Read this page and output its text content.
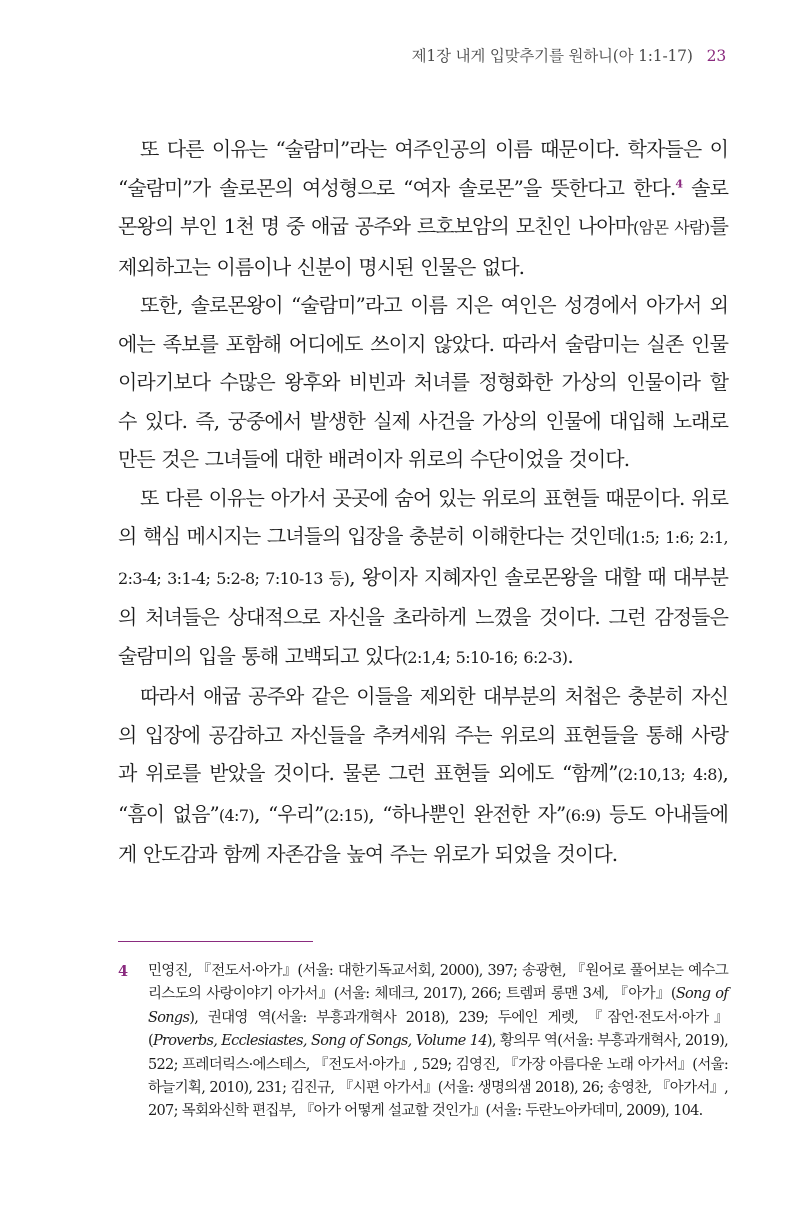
제1장 내게 입맞추기를 원하니(아 1:1-17) 23

또 다른 이유는 “술람미”라는 여주인공의 이름 때문이다. 학자들은 이 “술람미”가 솔로몬의 여성형으로 “여자 솔로몬”을 뜻한다고 한다.$^4$ 솔로몬왕의 부인 1천 명 중 애굽 공주와 르호보암의 모친인 나아마(암몬 사람)를 제외하고는 이름이나 신분이 명시된 인물은 없다.

또한, 솔로몬왕이 “술람미”라고 이름 지은 여인은 성경에서 아가서 외에는 족보를 포함해 어디에도 쓰이지 않았다. 따라서 술람미는 실존 인물이라기보다 수많은 왕후와 비빈과 처녀를 정형화한 가상의 인물이라 할 수 있다. 즉, 궁중에서 발생한 실제 사건을 가상의 인물에 대입해 노래로 만든 것은 그녀들에 대한 배려이자 위로의 수단이었을 것이다.

또 다른 이유는 아가서 곳곳에 숨어 있는 위로의 표현들 때문이다. 위로의 핵심 메시지는 그녀들의 입장을 충분히 이해한다는 것인데(1:5; 1:6; 2:1, 2:3-4; 3:1-4; 5:2-8; 7:10-13 등), 왕이자 지혜자인 솔로몬왕을 대할 때 대부분의 처녀들은 상대적으로 자신을 초라하게 느꼈을 것이다. 그런 감정들은 술람미의 입을 통해 고백되고 있다(2:1,4; 5:10-16; 6:2-3).

따라서 애굽 공주와 같은 이들을 제외한 대부분의 처첩은 충분히 자신의 입장에 공감하고 자신들을 추켜세워 주는 위로의 표현들을 통해 사랑과 위로를 받았을 것이다. 물론 그런 표현들 외에도 “함께”(2:10,13; 4:8), “흠이 없음”(4:7), “우리”(2:15), “하나뿐인 완전한 자”(6:9) 등도 아내들에게 안도감과 함께 자존감을 높여 주는 위로가 되었을 것이다.

4 민영진, 『전도서·아가』(서울: 대한기독교서회, 2000), 397; 송광현, 『원어로 풀어보는 예수그리스도의 사랑이야기 아가서』(서울: 체데크, 2017), 266; 트렘퍼 롱맨 3세, 『아가』(Song of Songs), 권대영 역(서울: 부흥과개혁사 2018), 239; 두에인 게렛, 『잠언·전도서·아가』(Proverbs, Ecclesiastes, Song of Songs, Volume 14), 황의무 역(서울: 부흥과개혁사, 2019), 522; 프레더릭스·에스테스, 『전도서·아가』, 529; 김영진, 『가장 아름다운 노래 아가서』(서울: 하늘기획, 2010), 231; 김진규, 『시편 아가서』(서울: 생명의샘 2018), 26; 송영찬, 『아가서』, 207; 목회와신학 편집부, 『아가 어떻게 설교할 것인가』(서울: 두란노아카데미, 2009), 104.
